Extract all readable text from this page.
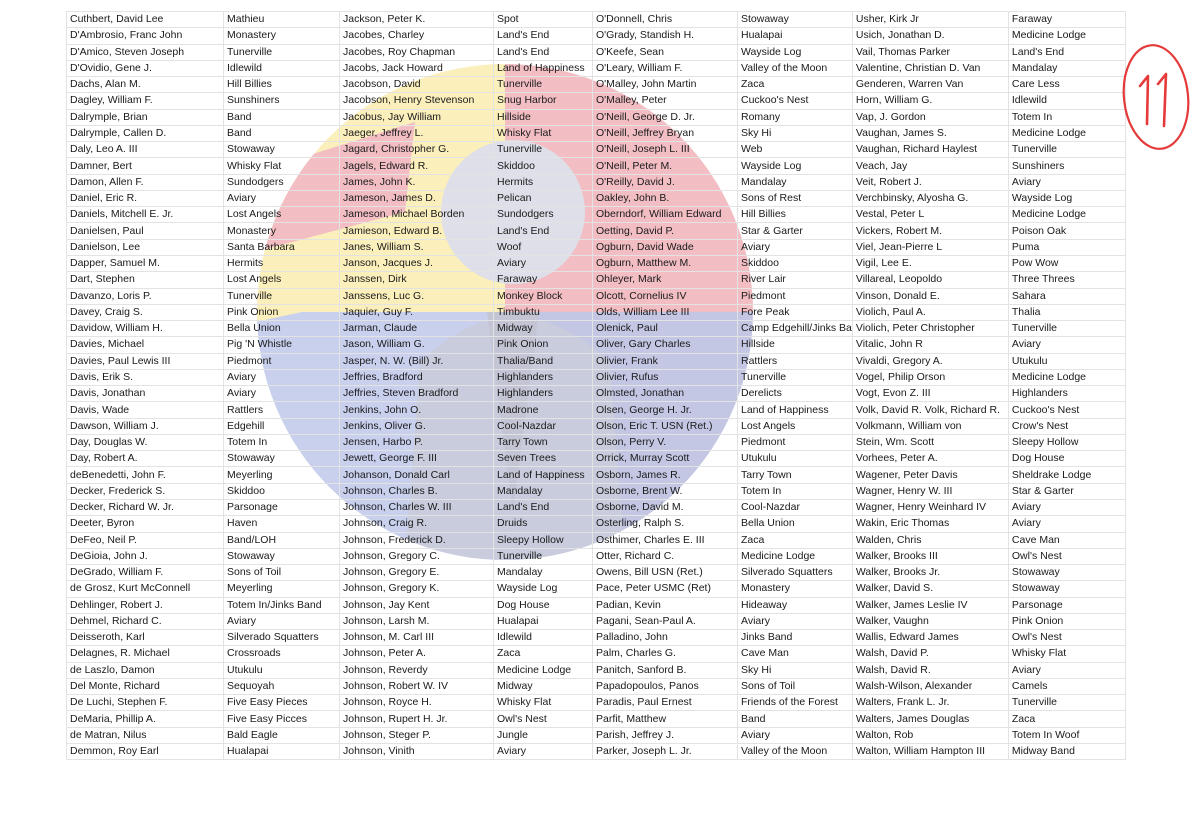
Cuthbert, David Lee	Mathieu	Jackson, Peter K.	Spot	O'Donnell, Chris	Stowaway	Usher, Kirk Jr	Faraway
D'Ambrosio, Franc John	Monastery	Jacobes, Charley	Land's End	O'Grady, Standish H.	Hualapai	Usich, Jonathan D.	Medicine Lodge
D'Amico, Steven Joseph	Tunerville	Jacobes, Roy Chapman	Land's End	O'Keefe, Sean	Wayside Log	Vail, Thomas Parker	Land's End
D'Ovidio, Gene J.	Idlewild	Jacobs, Jack Howard	Land of Happiness	O'Leary, William F.	Valley of the Moon	Valentine, Christian D. Van	Mandalay
Dachs, Alan M.	Hill Billies	Jacobson, David	Tunerville	O'Malley, John Martin	Zaca	Genderen, Warren Van	Care Less
Dagley, William F.	Sunshiners	Jacobson, Henry Stevenson	Snug Harbor	O'Malley, Peter	Cuckoo's Nest	Horn, William G.	Idlewild
Dalrymple, Brian	Band	Jacobus, Jay William	Hillside	O'Neill, George D. Jr.	Romany	Vap, J. Gordon	Totem In
Dalrymple, Callen D.	Band	Jaeger, Jeffrey L.	Whisky Flat	O'Neill, Jeffrey Bryan	Sky Hi	Vaughan, James S.	Medicine Lodge
Daly, Leo A. III	Stowaway	Jagard, Christopher G.	Tunerville	O'Neill, Joseph L. III	Web	Vaughan, Richard Haylest	Tunerville
Damner, Bert	Whisky Flat	Jagels, Edward R.	Skiddoo	O'Neill, Peter M.	Wayside Log	Veach, Jay	Sunshiners
Damon, Allen F.	Sundodgers	James, John K.	Hermits	O'Reilly, David J.	Mandalay	Veit, Robert J.	Aviary
Daniel, Eric R.	Aviary	Jameson, James D.	Pelican	Oakley, John B.	Sons of Rest	Verchbinsky, Alyosha G.	Wayside Log
Daniels, Mitchell E. Jr.	Lost Angels	Jameson, Michael Borden	Sundodgers	Oberndorf, William Edward	Hill Billies	Vestal, Peter L	Medicine Lodge
Danielsen, Paul	Monastery	Jamieson, Edward B.	Land's End	Oetting, David P.	Star & Garter	Vickers, Robert M.	Poison Oak
Danielson, Lee	Santa Barbara	Janes, William S.	Woof	Ogburn, David Wade	Aviary	Viel, Jean-Pierre L	Puma
Dapper, Samuel M.	Hermits	Janson, Jacques J.	Aviary	Ogburn, Matthew M.	Skiddoo	Vigil, Lee E.	Pow Wow
Dart, Stephen	Lost Angels	Janssen, Dirk	Faraway	Ohleyer, Mark	River Lair	Villareal, Leopoldo	Three Threes
Davanzo, Loris P.	Tunerville	Janssens, Luc G.	Monkey Block	Olcott, Cornelius IV	Piedmont	Vinson, Donald E.	Sahara
Davey, Craig S.	Pink Onion	Jaquier, Guy F.	Timbuktu	Olds, William Lee III	Fore Peak	Violich, Paul A.	Thalia
Davidow, William H.	Bella Union	Jarman, Claude	Midway	Olenick, Paul	Camp Edgehill/Jinks Ba	Violich, Peter Christopher	Tunerville
Davies, Michael	Pig 'N Whistle	Jason, William G.	Pink Onion	Oliver, Gary Charles	Hillside	Vitalic, John R	Aviary
Davies, Paul Lewis III	Piedmont	Jasper, N. W. (Bill) Jr.	Thalia/Band	Olivier, Frank	Rattlers	Vivaldi, Gregory A.	Utukulu
Davis, Erik S.	Aviary	Jeffries, Bradford	Highlanders	Olivier, Rufus	Tunerville	Vogel, Philip Orson	Medicine Lodge
Davis, Jonathan	Aviary	Jeffries, Steven Bradford	Highlanders	Olmsted, Jonathan	Derelicts	Vogt, Evon Z. III	Highlanders
Davis, Wade	Rattlers	Jenkins, John O.	Madrone	Olsen, George H. Jr.	Land of Happiness	Volk, David R. Volk, Richard R.	Cuckoo's Nest
Dawson, William J.	Edgehill	Jenkins, Oliver G.	Cool-Nazdar	Olson, Eric T. USN (Ret.)	Lost Angels	Volkmann, William von	Crow's Nest
Day, Douglas W.	Totem In	Jensen, Harbo P.	Tarry Town	Olson, Perry V.	Piedmont	Stein, Wm. Scott	Sleepy Hollow
Day, Robert A.	Stowaway	Jewett, George F. III	Seven Trees	Orrick, Murray Scott	Utukulu	Vorhees, Peter A.	Dog House
deBenedetti, John F.	Meyerling	Johanson, Donald Carl	Land of Happiness	Osborn, James R.	Tarry Town	Wagener, Peter Davis	Sheldrake Lodge
Decker, Frederick S.	Skiddoo	Johnson, Charles B.	Mandalay	Osborne, Brent W.	Totem In	Wagner, Henry W. III	Star & Garter
Decker, Richard W. Jr.	Parsonage	Johnson, Charles W. III	Land's End	Osborne, David M.	Cool-Nazdar	Wagner, Henry Weinhard IV	Aviary
Deeter, Byron	Haven	Johnson, Craig R.	Druids	Osterling, Ralph S.	Bella Union	Wakin, Eric Thomas	Aviary
DeFeo, Neil P.	Band/LOH	Johnson, Frederick D.	Sleepy Hollow	Osthimer, Charles E. III	Zaca	Walden, Chris	Cave Man
DeGioia, John J.	Stowaway	Johnson, Gregory C.	Tunerville	Otter, Richard C.	Medicine Lodge	Walker, Brooks III	Owl's Nest
DeGrado, William F.	Sons of Toil	Johnson, Gregory E.	Mandalay	Owens, Bill USN (Ret.)	Silverado Squatters	Walker, Brooks Jr.	Stowaway
de Grosz, Kurt McConnell	Meyerling	Johnson, Gregory K.	Wayside Log	Pace, Peter USMC (Ret)	Monastery	Walker, David S.	Stowaway
Dehlinger, Robert J.	Totem In/Jinks Band	Johnson, Jay Kent	Dog House	Padian, Kevin	Hideaway	Walker, James Leslie IV	Parsonage
Dehmel, Richard C.	Aviary	Johnson, Larsh M.	Hualapai	Pagani, Sean-Paul A.	Aviary	Walker, Vaughn	Pink Onion
Deisseroth, Karl	Silverado Squatters	Johnson, M. Carl III	Idlewild	Palladino, John	Jinks Band	Wallis, Edward James	Owl's Nest
Delagnes, R. Michael	Crossroads	Johnson, Peter A.	Zaca	Palm, Charles G.	Cave Man	Walsh, David P.	Whisky Flat
de Laszlo, Damon	Utukulu	Johnson, Reverdy	Medicine Lodge	Panitch, Sanford B.	Sky Hi	Walsh, David R.	Aviary
Del Monte, Richard	Sequoyah	Johnson, Robert W. IV	Midway	Papadopoulos, Panos	Sons of Toil	Walsh-Wilson, Alexander	Camels
De Luchi, Stephen F.	Five Easy Pieces	Johnson, Royce H.	Whisky Flat	Paradis, Paul Ernest	Friends of the Forest	Walters, Frank L. Jr.	Tunerville
DeMaria, Phillip A.	Five Easy Picces	Johnson, Rupert H. Jr.	Owl's Nest	Parfit, Matthew	Band	Walters, James Douglas	Zaca
de Matran, Nilus	Bald Eagle	Johnson, Steger P.	Jungle	Parish, Jeffrey J.	Aviary	Walton, Rob	Totem In Woof
Demmon, Roy Earl	Hualapai	Johnson, Vinith	Aviary	Parker, Joseph L. Jr.	Valley of the Moon	Walton, William Hampton III	Midway Band
